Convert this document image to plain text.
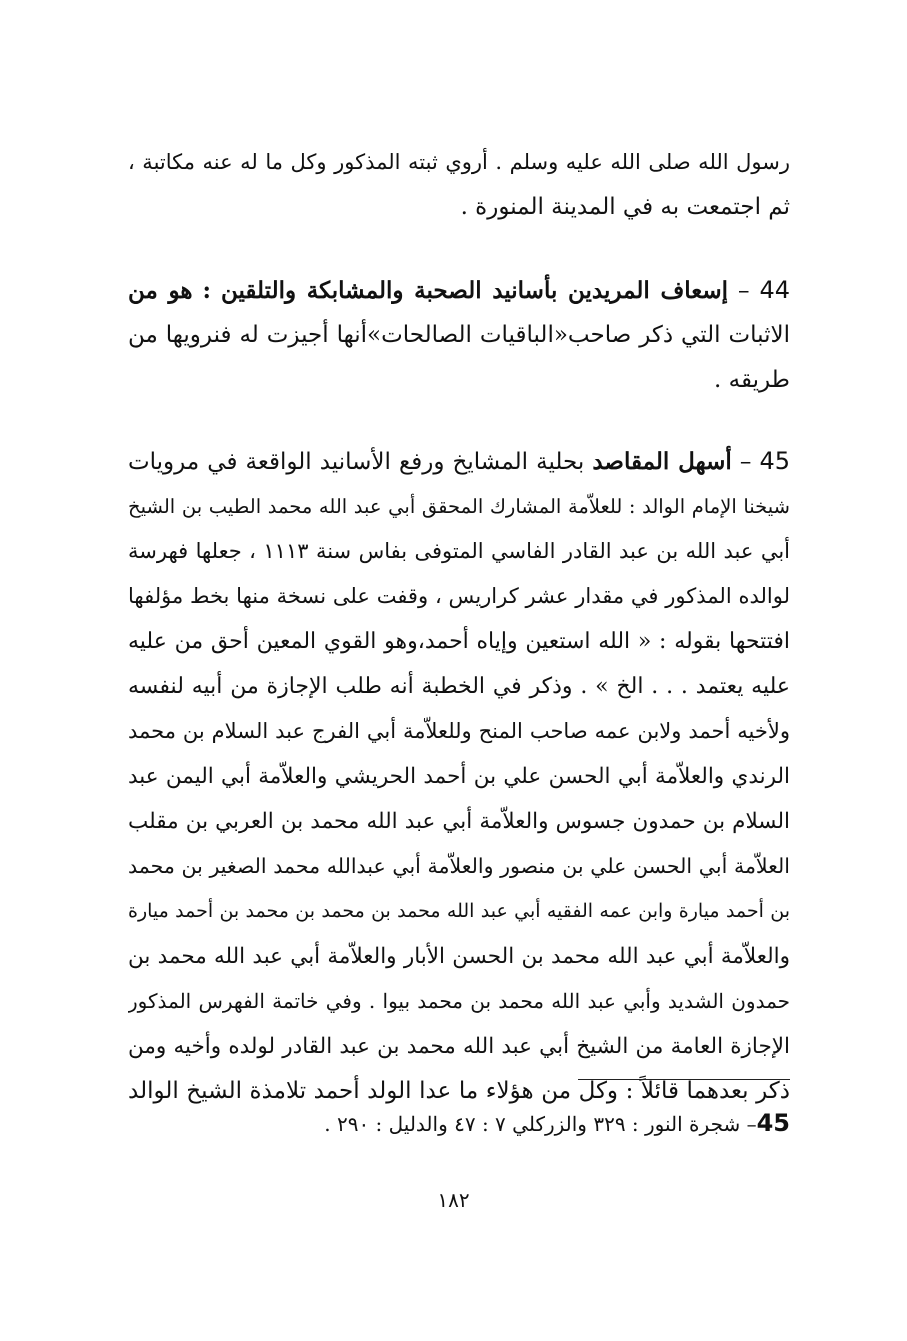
رسول الله صلى الله عليه وسلم . أروي ثبته المذكور وكل ما له عنه مكاتبة ،
ثم اجتمعت به في المدينة المنورة .
44 – إسعاف المريدين بأسانيد الصحبة والمشابكة والتلقين : هو من
الاثبات التي ذكر صاحب«الباقيات الصالحات»أنها أجيزت له فنرويها من
طريقه .
45 – أسهل المقاصد بحلية المشايخ ورفع الأسانيد الواقعة في مرويات
شيخنا الإمام الوالد : للعلاّمة المشارك المحقق أبي عبد الله محمد الطيب بن الشيخ
أبي عبد الله بن عبد القادر الفاسي المتوفى بفاس سنة ١١١٣ ، جعلها فهرسة
لوالده المذكور في مقدار عشر كراريس ، وقفت على نسخة منها بخط مؤلفها
افتتحها بقوله : « الله استعين وإياه أحمد،وهو القوي المعين أحق من عليه
عليه يعتمد . . . الخ » . وذكر في الخطبة أنه طلب الإجازة من أبيه لنفسه
ولأخيه أحمد ولابن عمه صاحب المنح وللعلاّمة أبي الفرج عبد السلام بن محمد
الرندي والعلاّمة أبي الحسن علي بن أحمد الحريشي والعلاّمة أبي اليمن عبد
السلام بن حمدون جسوس والعلاّمة أبي عبد الله محمد بن العربي بن مقلب
العلاّمة أبي الحسن علي بن منصور والعلاّمة أبي عبدالله محمد الصغير بن محمد
بن أحمد ميارة وابن عمه الفقيه أبي عبد الله محمد بن محمد بن محمد بن أحمد ميارة
والعلاّمة أبي عبد الله محمد بن الحسن الأبار والعلاّمة أبي عبد الله محمد بن
حمدون الشديد وأبي عبد الله محمد بن محمد بيوا . وفي خاتمة الفهرس المذكور
الإجازة العامة من الشيخ أبي عبد الله محمد بن عبد القادر لولده وأخيه ومن
ذكر بعدهما قائلاً : وكل من هؤلاء ما عدا الولد أحمد تلامذة الشيخ الوالد
45– شجرة النور : ٣٢٩ والزركلي ٧ : ٤٧ والدليل : ٢٩٠ .
١٨٢
